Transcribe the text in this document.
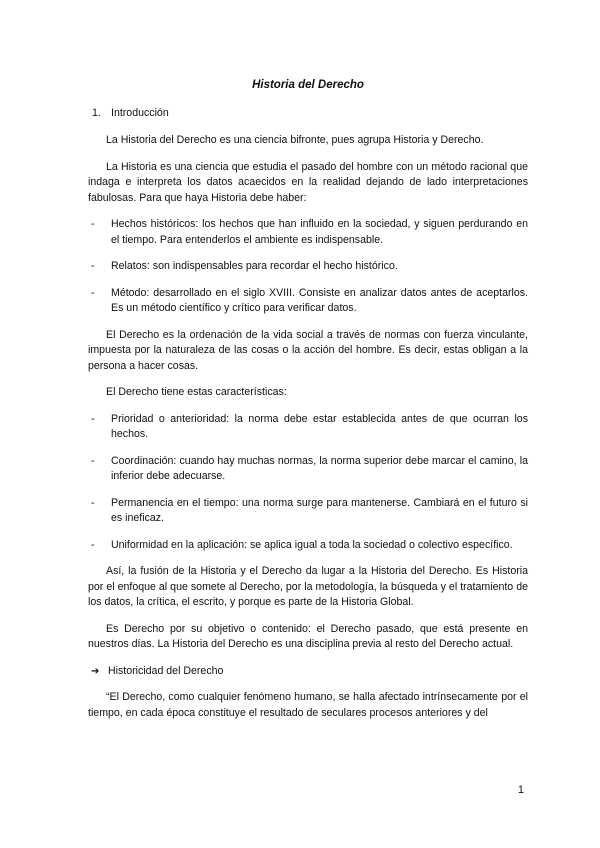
Historia del Derecho
1. Introducción

La Historia del Derecho es una ciencia bifronte, pues agrupa Historia y Derecho.

La Historia es una ciencia que estudia el pasado del hombre con un método racional que indaga e interpreta los datos acaecidos en la realidad dejando de lado interpretaciones fabulosas. Para que haya Historia debe haber:

- Hechos históricos: los hechos que han influido en la sociedad, y siguen perdurando en el tiempo. Para entenderlos el ambiente es indispensable.
- Relatos: son indispensables para recordar el hecho histórico.
- Método: desarrollado en el siglo XVIII. Consiste en analizar datos antes de aceptarlos. Es un método científico y crítico para verificar datos.

El Derecho es la ordenación de la vida social a través de normas con fuerza vinculante, impuesta por la naturaleza de las cosas o la acción del hombre. Es decir, estas obligan a la persona a hacer cosas.

El Derecho tiene estas características:

- Prioridad o anterioridad: la norma debe estar establecida antes de que ocurran los hechos.
- Coordinación: cuando hay muchas normas, la norma superior debe marcar el camino, la inferior debe adecuarse.
- Permanencia en el tiempo: una norma surge para mantenerse. Cambiará en el futuro si es ineficaz.
- Uniformidad en la aplicación: se aplica igual a toda la sociedad o colectivo específico.

Así, la fusión de la Historia y el Derecho da lugar a la Historia del Derecho. Es Historia por el enfoque al que somete al Derecho, por la metodología, la búsqueda y el tratamiento de los datos, la crítica, el escrito, y porque es parte de la Historia Global.

Es Derecho por su objetivo o contenido: el Derecho pasado, que está presente en nuestros días. La Historia del Derecho es una disciplina previa al resto del Derecho actual.

➔ Historicidad del Derecho

“El Derecho, como cualquier fenómeno humano, se halla afectado intrínsecamente por el tiempo, en cada época constituye el resultado de seculares procesos anteriores y del

1
